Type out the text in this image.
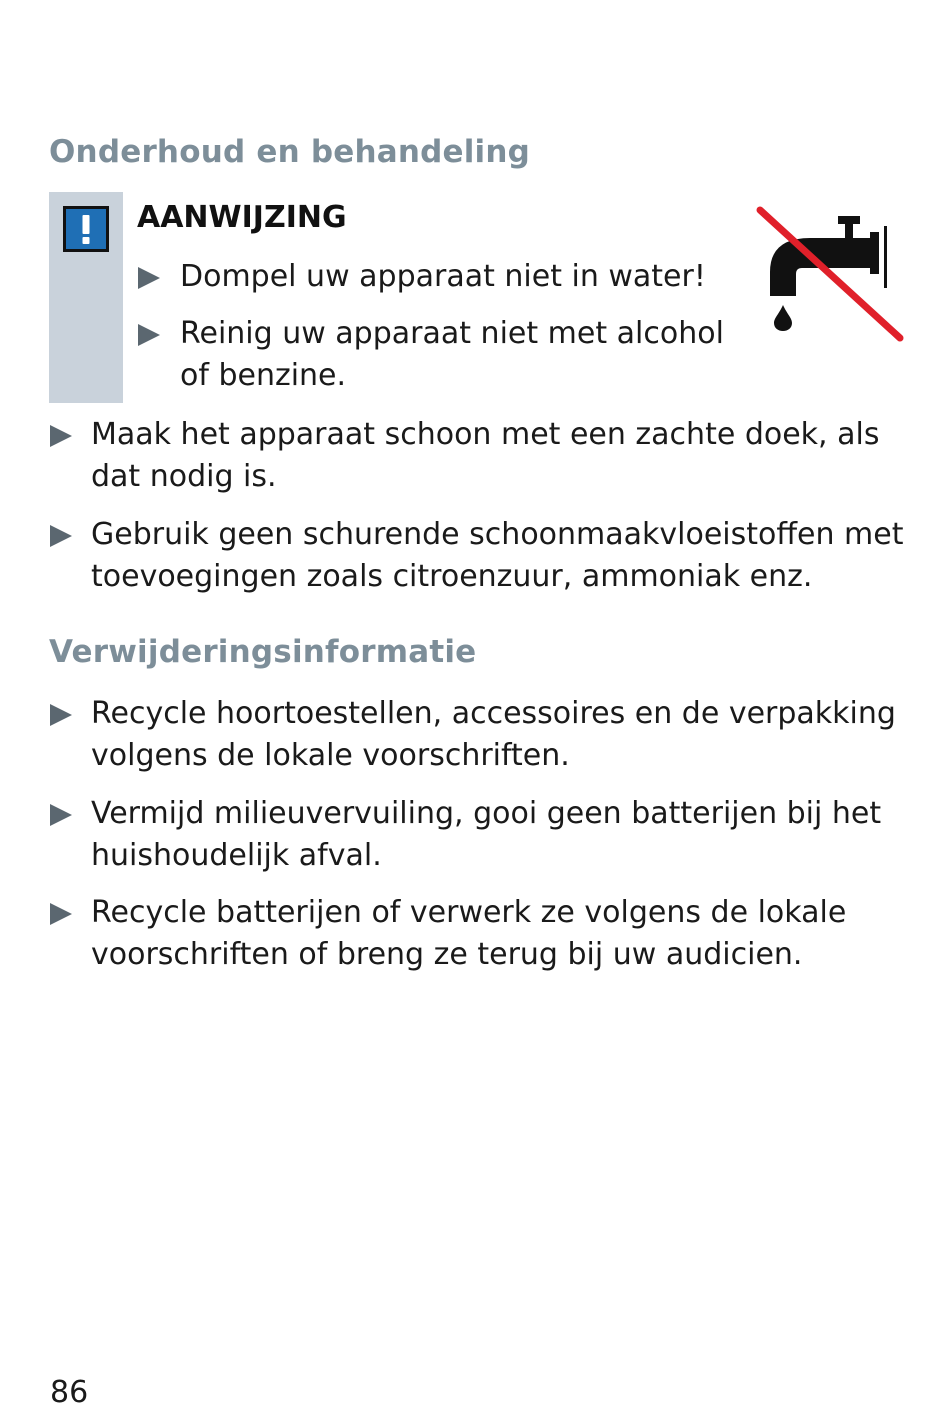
Onderhoud en behandeling
AANWIJZING
Dompel uw apparaat niet in water!
Reinig uw apparaat niet met alcohol of benzine.
Maak het apparaat schoon met een zachte doek, als dat nodig is.
Gebruik geen schurende schoonmaakvloeistoffen met toevoegingen zoals citroenzuur, ammoniak enz.
Verwijderingsinformatie
Recycle hoortoestellen, accessoires en de verpakking volgens de lokale voorschriften.
Vermijd milieuvervuiling, gooi geen batterijen bij het huishoudelijk afval.
Recycle batterijen of verwerk ze volgens de lokale voorschriften of breng ze terug bij uw audicien.
86
